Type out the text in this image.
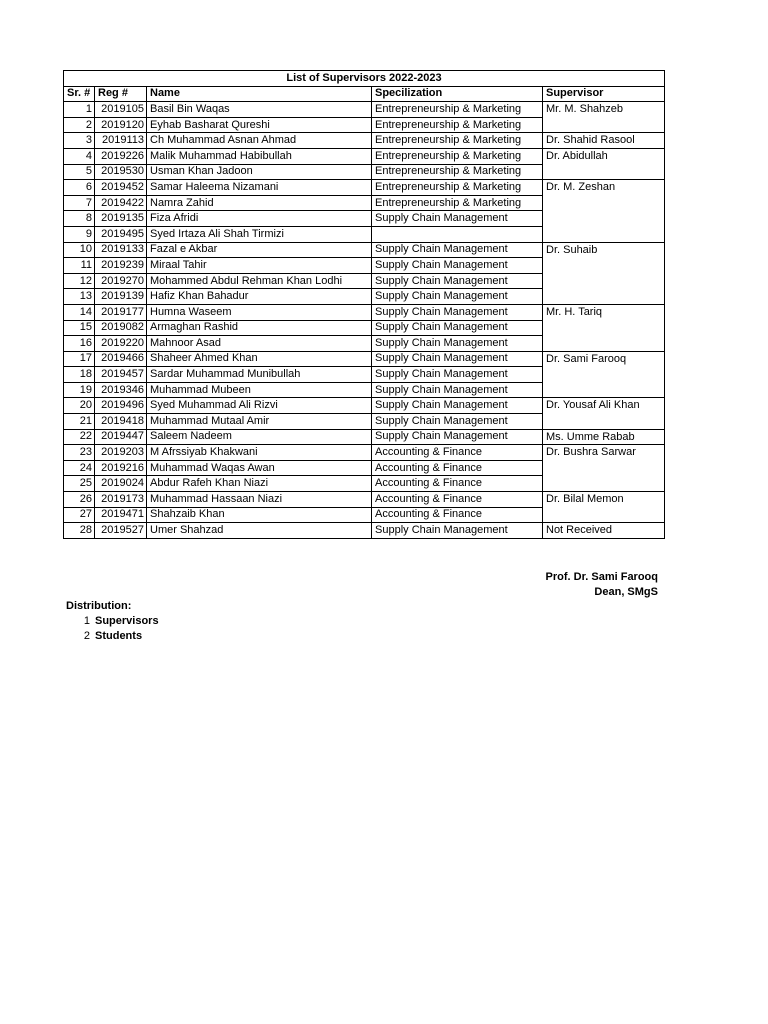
List of Supervisors 2022-2023				
Sr. #	Reg #	Name	Specilization	Supervisor
1	2019105	Basil Bin Waqas	Entrepreneurship & Marketing	Mr. M. Shahzeb
2	2019120	Eyhab Basharat Qureshi	Entrepreneurship & Marketing	
3	2019113	Ch Muhammad Asnan Ahmad	Entrepreneurship & Marketing	Dr. Shahid Rasool
4	2019226	Malik Muhammad Habibullah	Entrepreneurship & Marketing	Dr. Abidullah
5	2019530	Usman Khan Jadoon	Entrepreneurship & Marketing	
6	2019452	Samar Haleema Nizamani	Entrepreneurship & Marketing	Dr. M. Zeshan
7	2019422	Namra Zahid	Entrepreneurship & Marketing	
8	2019135	Fiza Afridi	Supply Chain Management	
9	2019495	Syed Irtaza Ali Shah Tirmizi		
10	2019133	Fazal e Akbar	Supply Chain Management	Dr. Suhaib
11	2019239	Miraal Tahir	Supply Chain Management	
12	2019270	Mohammed Abdul Rehman Khan Lodhi	Supply Chain Management	
13	2019139	Hafiz Khan Bahadur	Supply Chain Management	
14	2019177	Humna Waseem	Supply Chain Management	Mr. H. Tariq
15	2019082	Armaghan Rashid	Supply Chain Management	
16	2019220	Mahnoor Asad	Supply Chain Management	
17	2019466	Shaheer Ahmed Khan	Supply Chain Management	Dr. Sami Farooq
18	2019457	Sardar Muhammad Munibullah	Supply Chain Management	
19	2019346	Muhammad Mubeen	Supply Chain Management	
20	2019496	Syed Muhammad Ali Rizvi	Supply Chain Management	Dr. Yousaf Ali Khan
21	2019418	Muhammad Mutaal Amir	Supply Chain Management	
22	2019447	Saleem Nadeem	Supply Chain Management	Ms. Umme Rabab
23	2019203	M Afrssiyab Khakwani	Accounting & Finance	Dr. Bushra Sarwar
24	2019216	Muhammad Waqas Awan	Accounting & Finance	
25	2019024	Abdur Rafeh Khan Niazi	Accounting & Finance	
26	2019173	Muhammad Hassaan Niazi	Accounting & Finance	Dr. Bilal Memon
27	2019471	Shahzaib Khan	Accounting & Finance	
28	2019527	Umer Shahzad	Supply Chain Management	Not Received
Prof. Dr. Sami Farooq
Dean, SMgS
Distribution:
1 Supervisors
2 Students
